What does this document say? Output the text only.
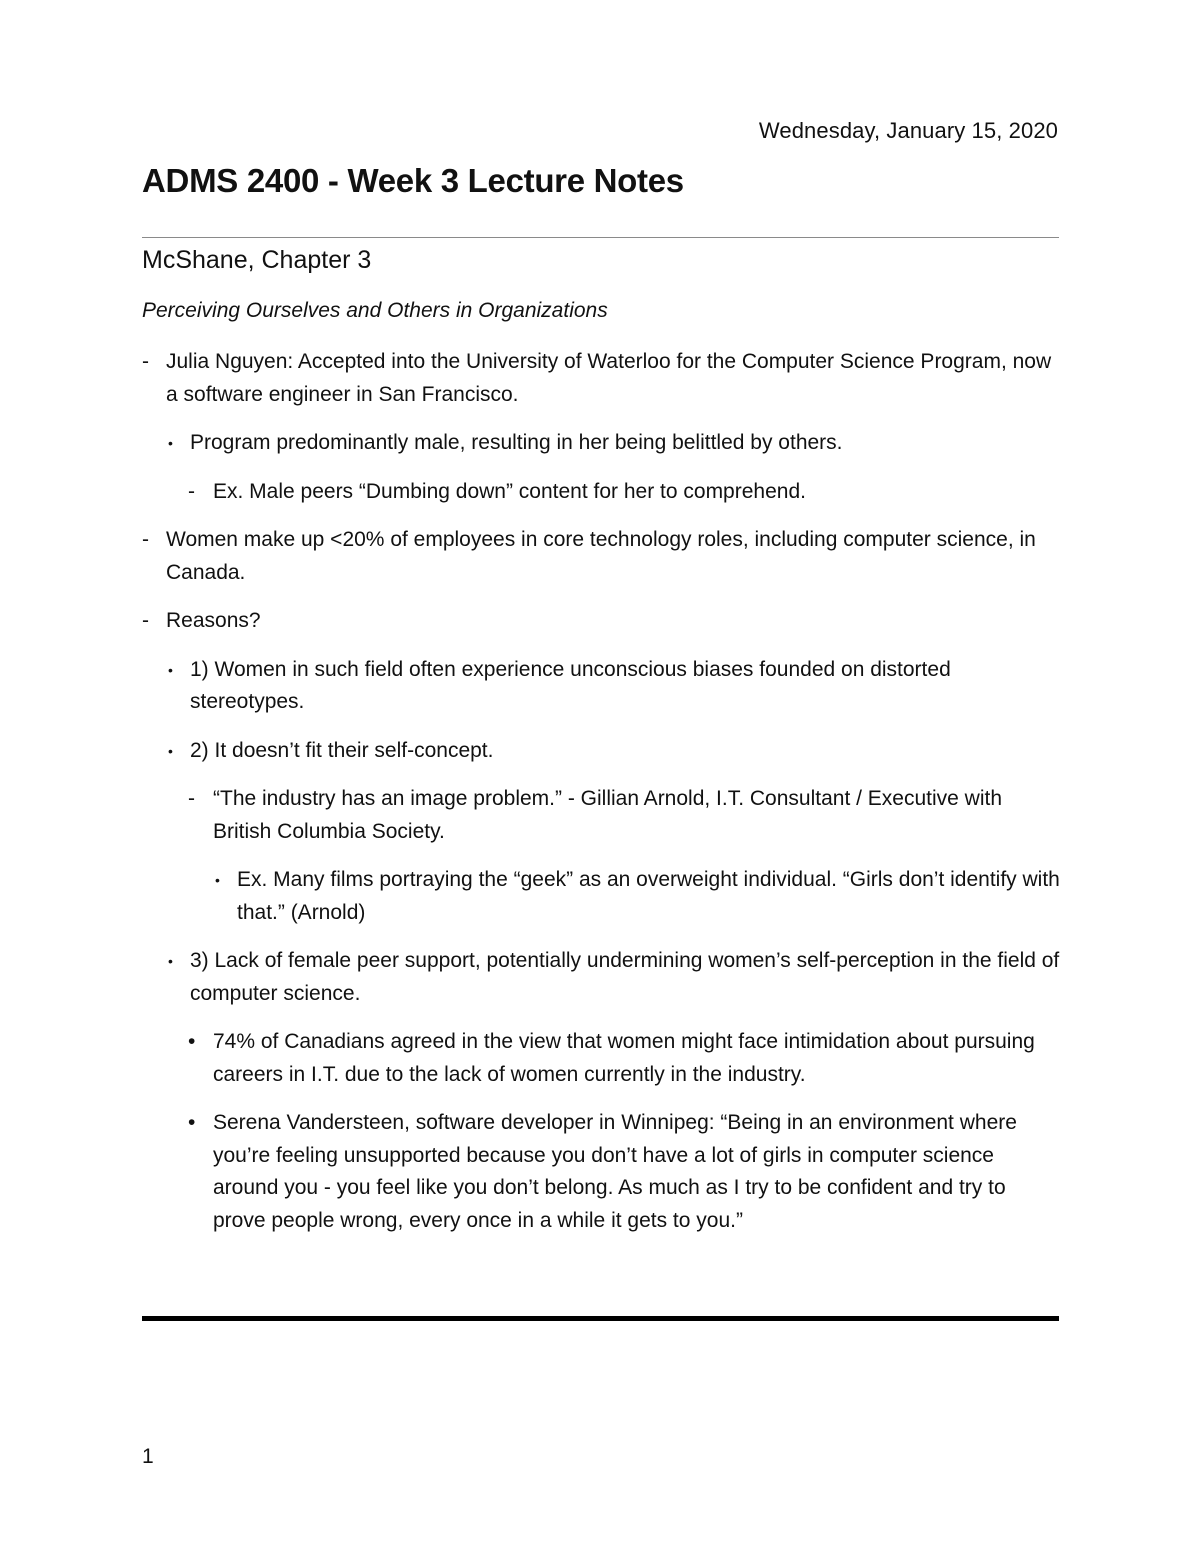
Wednesday, January 15, 2020
ADMS 2400 - Week 3 Lecture Notes
McShane, Chapter 3

Perceiving Ourselves and Others in Organizations

- Julia Nguyen: Accepted into the University of Waterloo for the Computer Science Program, now a software engineer in San Francisco.
• Program predominantly male, resulting in her being belittled by others.
- Ex. Male peers “Dumbing down” content for her to comprehend.
- Women make up <20% of employees in core technology roles, including computer science, in Canada.
- Reasons?
• 1) Women in such field often experience unconscious biases founded on distorted stereotypes.
• 2) It doesn’t fit their self-concept.
- “The industry has an image problem.” - Gillian Arnold, I.T. Consultant / Executive with British Columbia Society.
• Ex. Many films portraying the “geek” as an overweight individual. “Girls don’t identify with that.” (Arnold)
• 3) Lack of female peer support, potentially undermining women’s self-perception in the field of computer science.
• 74% of Canadians agreed in the view that women might face intimidation about pursuing careers in I.T. due to the lack of women currently in the industry.
• Serena Vandersteen, software developer in Winnipeg: “Being in an environment where you’re feeling unsupported because you don’t have a lot of girls in computer science around you - you feel like you don’t belong. As much as I try to be confident and try to prove people wrong, every once in a while it gets to you.”
1
